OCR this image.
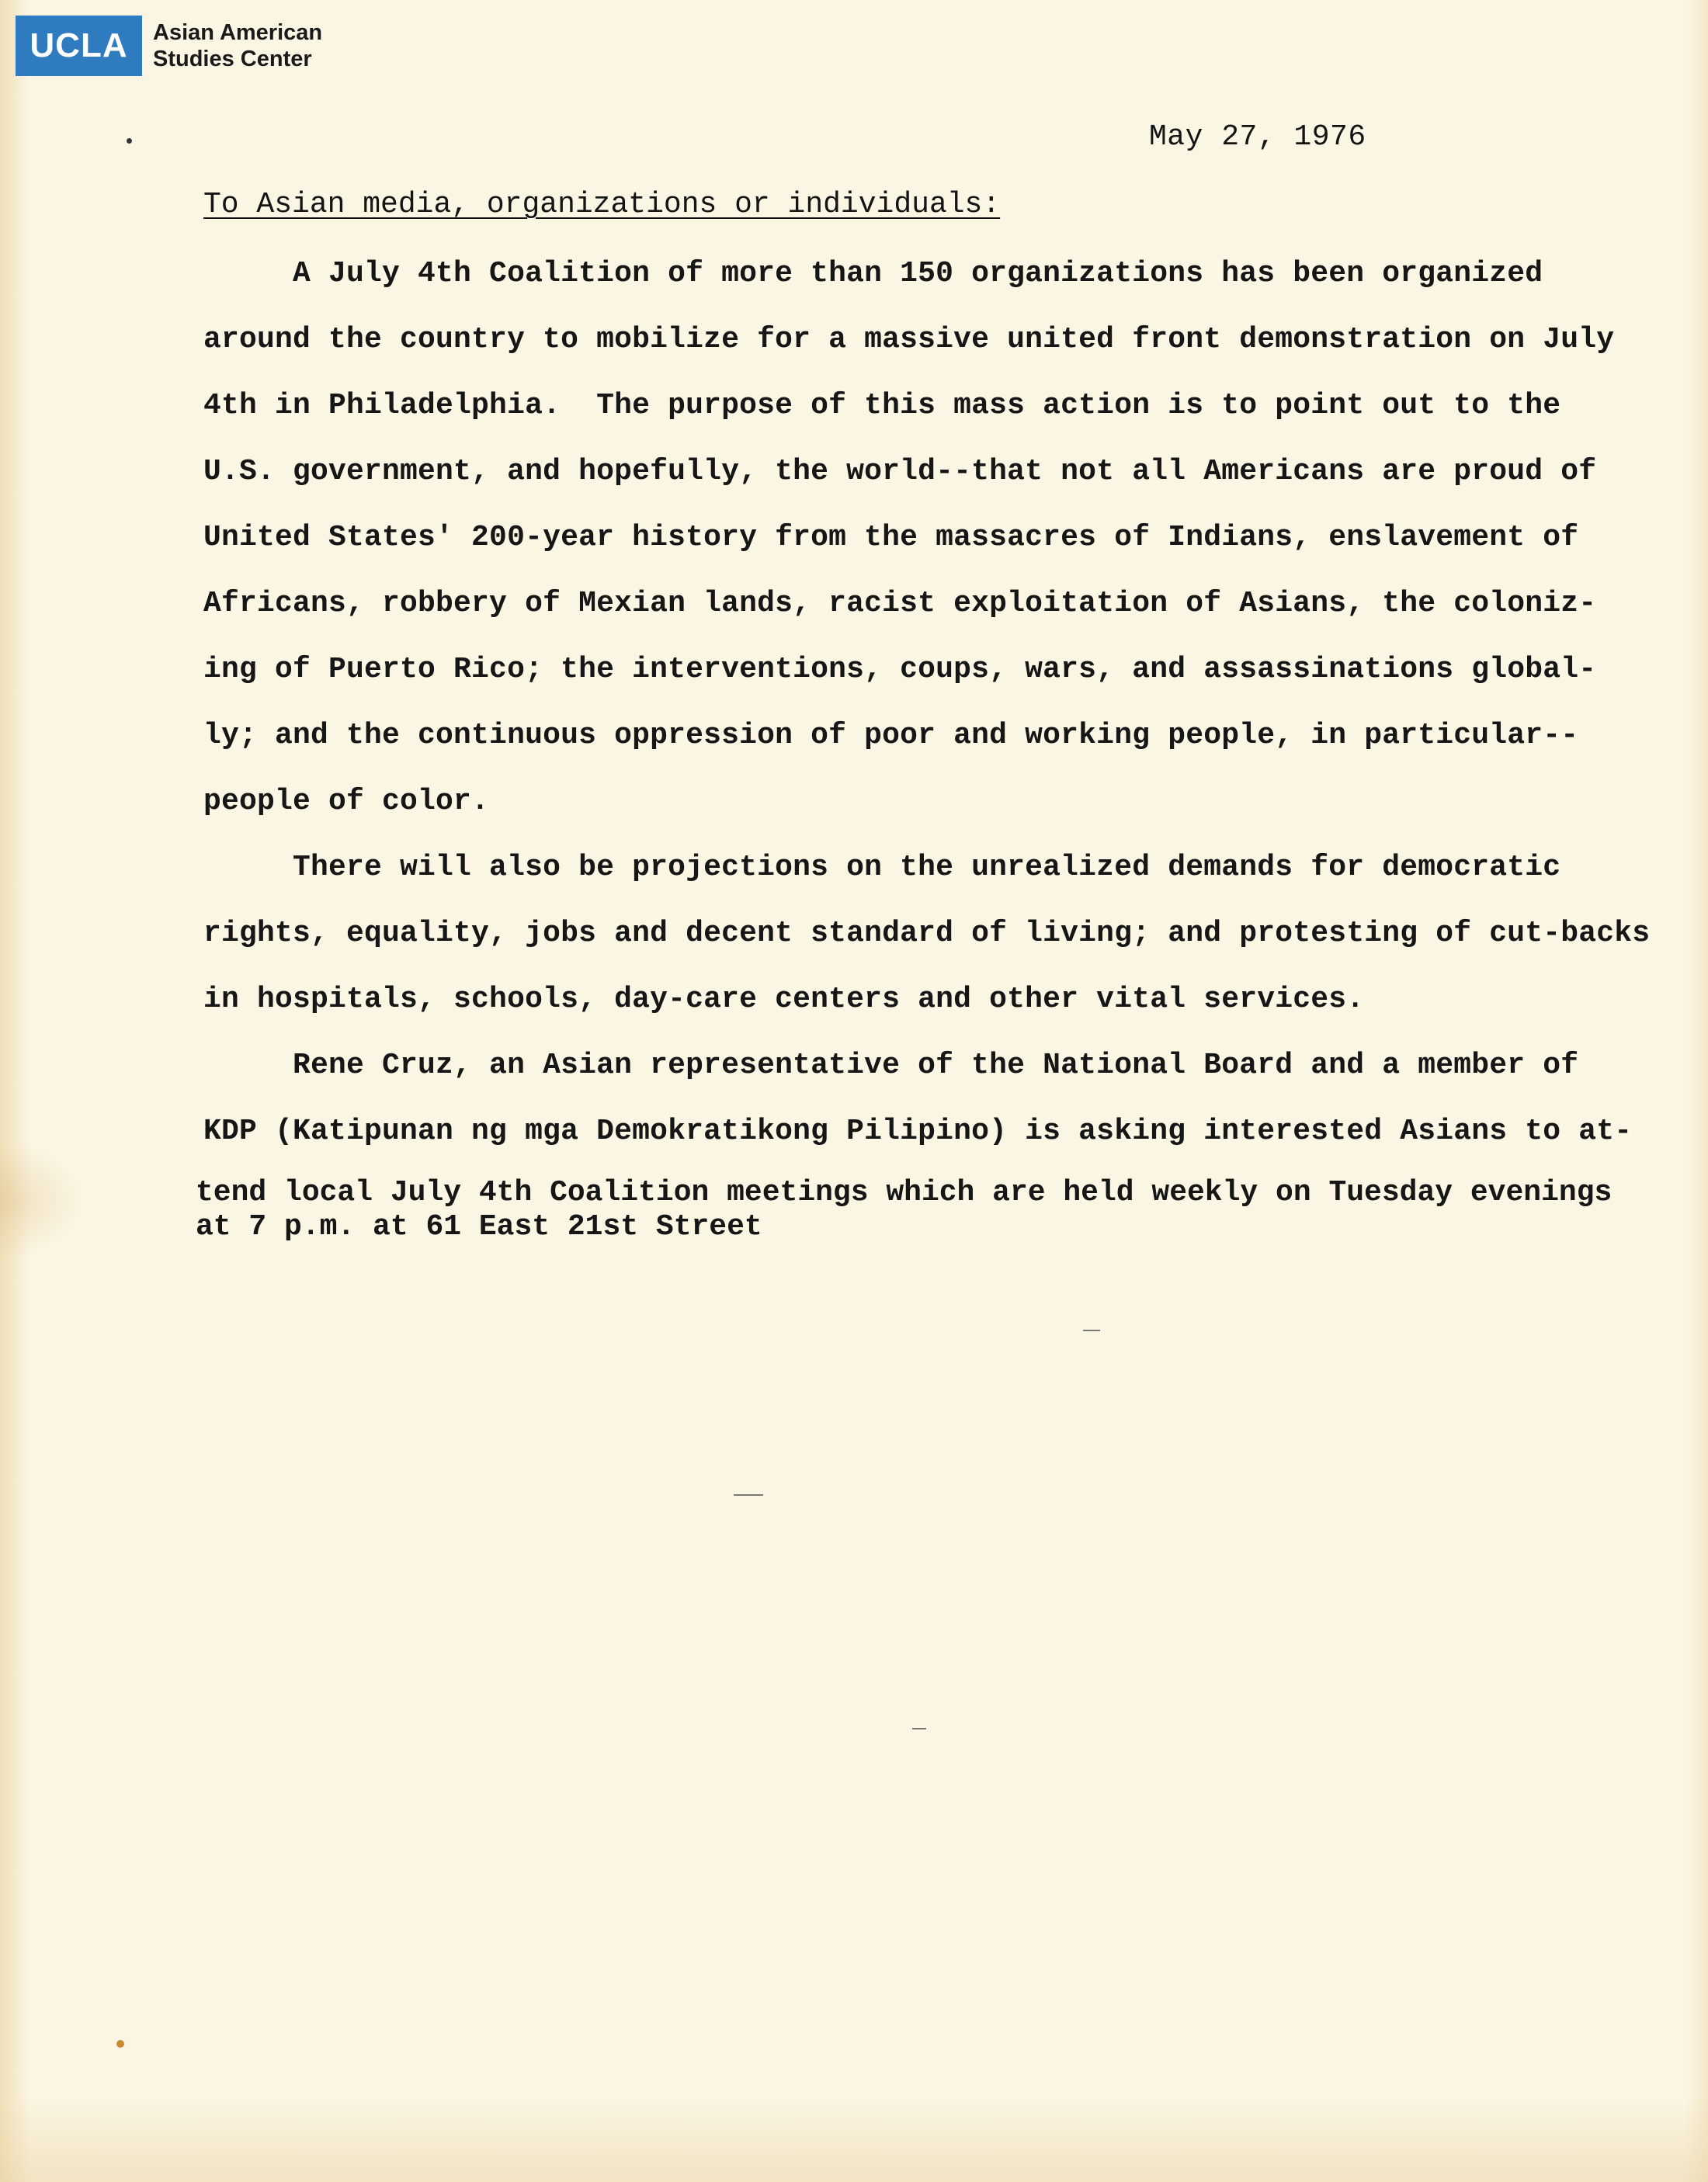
UCLA	Asian American
Studies Center
May 27, 1976
To Asian media, organizations or individuals:
A July 4th Coalition of more than 150 organizations has been organized
around the country to mobilize for a massive united front demonstration on July
4th in Philadelphia.  The purpose of this mass action is to point out to the
U.S. government, and hopefully, the world--that not all Americans are proud of
United States' 200-year history from the massacres of Indians, enslavement of
Africans, robbery of Mexian lands, racist exploitation of Asians, the coloniz-
ing of Puerto Rico; the interventions, coups, wars, and assassinations global-
ly; and the continuous oppression of poor and working people, in particular--
people of color.
There will also be projections on the unrealized demands for democratic
rights, equality, jobs and decent standard of living; and protesting of cut-backs
in hospitals, schools, day-care centers and other vital services.
Rene Cruz, an Asian representative of the National Board and a member of
KDP (Katipunan ng mga Demokratikong Pilipino) is asking interested Asians to at-
tend local July 4th Coalition meetings which are held weekly on Tuesday evenings
at 7 p.m. at 61 East 21st Street
